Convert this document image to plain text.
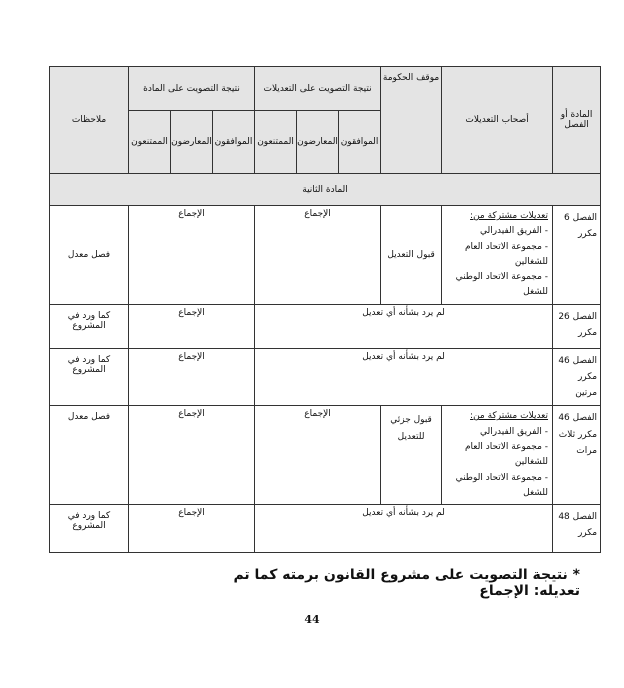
المادة أو الفصل	أصحاب التعديلات	موقف الحكومة	نتيجة التصويت على التعديلات			نتيجة التصويت على المادة			ملاحظات
			الموافقون	المعارضون	الممتنعون	الموافقون	المعارضون	الممتنعون	
المادة الثانية									
الفصل 6 مكرر	تعديلات مشتركة من:
- الفريق الفيدرالي
- مجموعة الاتحاد العام للشغالين
- مجموعة الاتحاد الوطني للشغل	قبول التعديل	الإجماع			الإجماع			فصل معدل
الفصل 26 مكرر	لم يرد بشأنه أي تعديل					الإجماع			كما ورد في المشروع
الفصل 46 مكرر مرتين	لم يرد بشأنه أي تعديل					الإجماع			كما ورد في المشروع
الفصل 46 مكرر ثلاث مرات	تعديلات مشتركة من:
- الفريق الفيدرالي
- مجموعة الاتحاد العام للشغالين
- مجموعة الاتحاد الوطني للشغل	قبول جزئي للتعديل	الإجماع			الإجماع			فصل معدل
الفصل 48 مكرر	لم يرد بشأنه أي تعديل					الإجماع			كما ورد في المشروع
* نتيجة التصويت على مشروع القانون برمته كما تم تعديله: الإجماع
44
